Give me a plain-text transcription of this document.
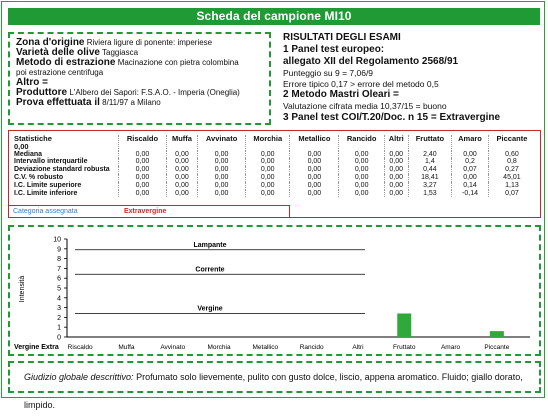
Scheda del campione MI10
Zona d'origine Riviera ligure di ponente: imperiese
Varietà delle olive Taggiasca
Metodo di estrazione Macinazione con pietra colombina
poi estrazione centrifuga
Altro =
Produttore L'Albero dei Sapori: F.S.A.O. - Imperia (Oneglia)
Prova effettuata il 8/11/97 a Milano
RISULTATI DEGLI ESAMI
1 Panel test europeo:
allegato XII del Regolamento 2568/91
Punteggio su 9 = 7,06/9
Errore tipico 0,17 > errore del metodo 0,5
2 Metodo Mastri Oleari =
Valutazione cifrata media 10,37/15 = buono
3 Panel test COI/T.20/Doc. n 15 = Extravergine
Statistiche
0,00	Riscaldo	Muffa	Avvinato	Morchia	Metallico	Rancido	Altri	Fruttato	Amaro	Piccante
Mediana	0,00	0,00	0,00	0,00	0,00	0,00	0,00	2,40	0,00	0,60
Intervallo interquartile	0,00	0,00	0,00	0,00	0,00	0,00	0,00	1,4	0,2	0,8
Deviazione standard robusta	0,00	0,00	0,00	0,00	0,00	0,00	0,00	0,44	0,07	0,27
C.V. % robusto	0,00	0,00	0,00	0,00	0,00	0,00	0,00	18,41	0,00	45,01
I.C. Limite superiore	0,00	0,00	0,00	0,00	0,00	0,00	0,00	3,27	0,14	1,13
I.C. Limite inferiore	0,00	0,00	0,00	0,00	0,00	0,00	0,00	1,53	-0,14	0,07
Categoria assegnata	Extravergine
0
1
2
3
4
5
6
7
8
9
10
Intensità
Lampante
Corrente
Vergine
Vergine Extra Riscaldo	Muffa	Avvinato	Morchia	Metallico	Rancido	Altri	Fruttato	Amaro	Piccante
Giudizio globale descrittivo: Profumato solo lievemente, pulito con gusto dolce, liscio, appena aromatico. Fluido; giallo dorato, limpido.
